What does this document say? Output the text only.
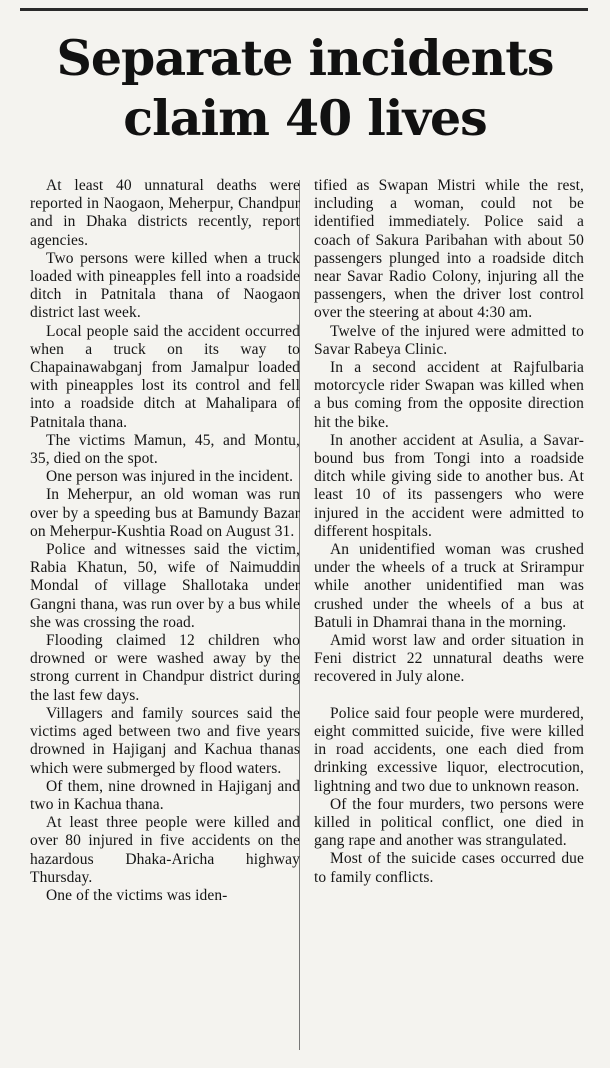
Separate incidents
claim 40 lives

At least 40 unnatural deaths were reported in Naogaon, Meherpur, Chandpur and in Dhaka districts recently, report agencies.

Two persons were killed when a truck loaded with pineapples fell into a roadside ditch in Patnitala thana of Naogaon district last week.

Local people said the accident occurred when a truck on its way to Chapainawabganj from Jamalpur loaded with pineapples lost its control and fell into a roadside ditch at Mahalipara of Patnitala thana.

The victims Mamun, 45, and Montu, 35, died on the spot.

One person was injured in the incident.

In Meherpur, an old woman was run over by a speeding bus at Bamundy Bazar on Meherpur-Kushtia Road on August 31.

Police and witnesses said the victim, Rabia Khatun, 50, wife of Naimuddin Mondal of village Shallotaka under Gangni thana, was run over by a bus while she was crossing the road.

Flooding claimed 12 children who drowned or were washed away by the strong current in Chandpur district during the last few days.

Villagers and family sources said the victims aged between two and five years drowned in Hajiganj and Kachua thanas which were submerged by flood waters.

Of them, nine drowned in Hajiganj and two in Kachua thana.

At least three people were killed and over 80 injured in five accidents on the hazardous Dhaka-Aricha highway Thursday.

One of the victims was iden-

tified as Swapan Mistri while the rest, including a woman, could not be identified immediately. Police said a coach of Sakura Paribahan with about 50 passengers plunged into a roadside ditch near Savar Radio Colony, injuring all the passengers, when the driver lost control over the steering at about 4:30 am.

Twelve of the injured were admitted to Savar Rabeya Clinic.

In a second accident at Rajfulbaria motorcycle rider Swapan was killed when a bus coming from the opposite direction hit the bike.

In another accident at Asulia, a Savar-bound bus from Tongi into a roadside ditch while giving side to another bus. At least 10 of its passengers who were injured in the accident were admitted to different hospitals.

An unidentified woman was crushed under the wheels of a truck at Srirampur while another unidentified man was crushed under the wheels of a bus at Batuli in Dhamrai thana in the morning.

Amid worst law and order situation in Feni district 22 unnatural deaths were recovered in July alone.

Police said four people were murdered, eight committed suicide, five were killed in road accidents, one each died from drinking excessive liquor, electrocution, lightning and two due to unknown reason.

Of the four murders, two persons were killed in political conflict, one died in gang rape and another was strangulated.

Most of the suicide cases occurred due to family conflicts.
